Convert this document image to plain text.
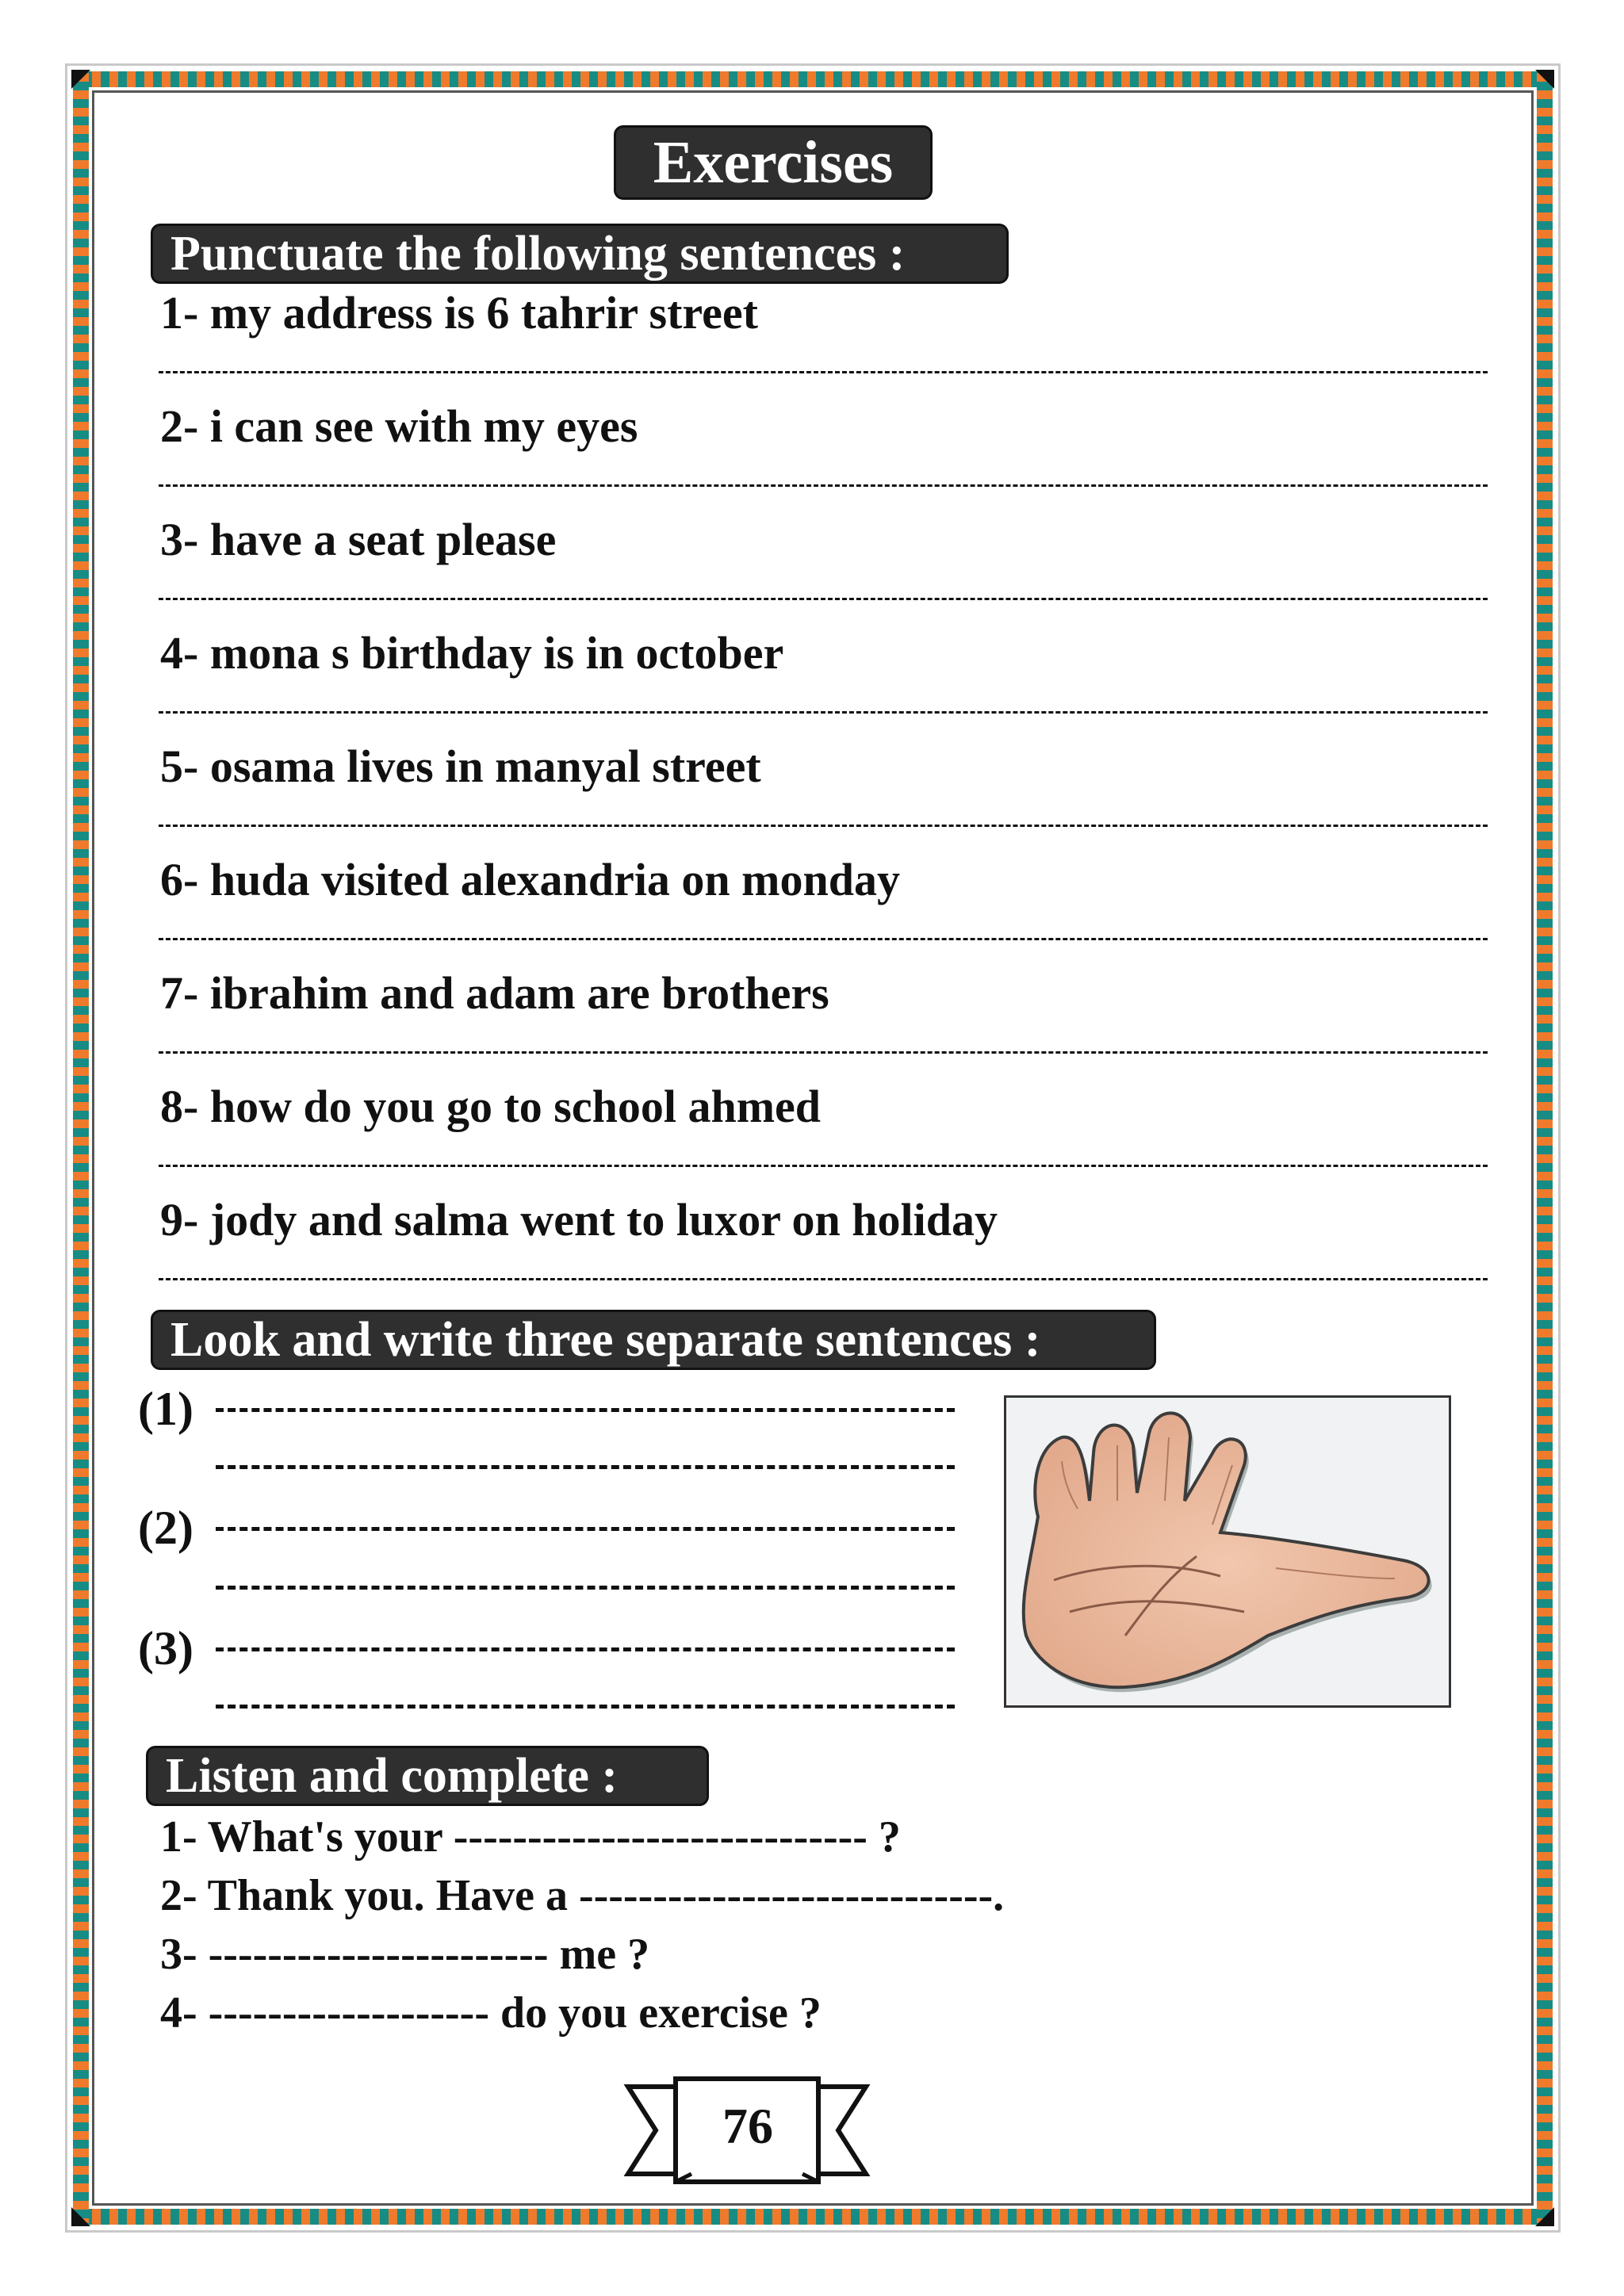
Exercises
Punctuate the following sentences :
1- my address is 6 tahrir street
2- i can see with my eyes
3- have a seat please
4- mona s birthday is in october
5- osama lives in manyal street
6- huda visited alexandria on monday
7- ibrahim and adam are brothers
8- how do you go to school ahmed
9- jody and salma went to luxor on holiday
Look and write three separate sentences :
(1)
(2)
(3)
Listen and complete :
1- What's your ---------------------------- ?
2- Thank you. Have a ----------------------------.
3- ----------------------- me ?
4- ------------------- do you exercise ?
76
